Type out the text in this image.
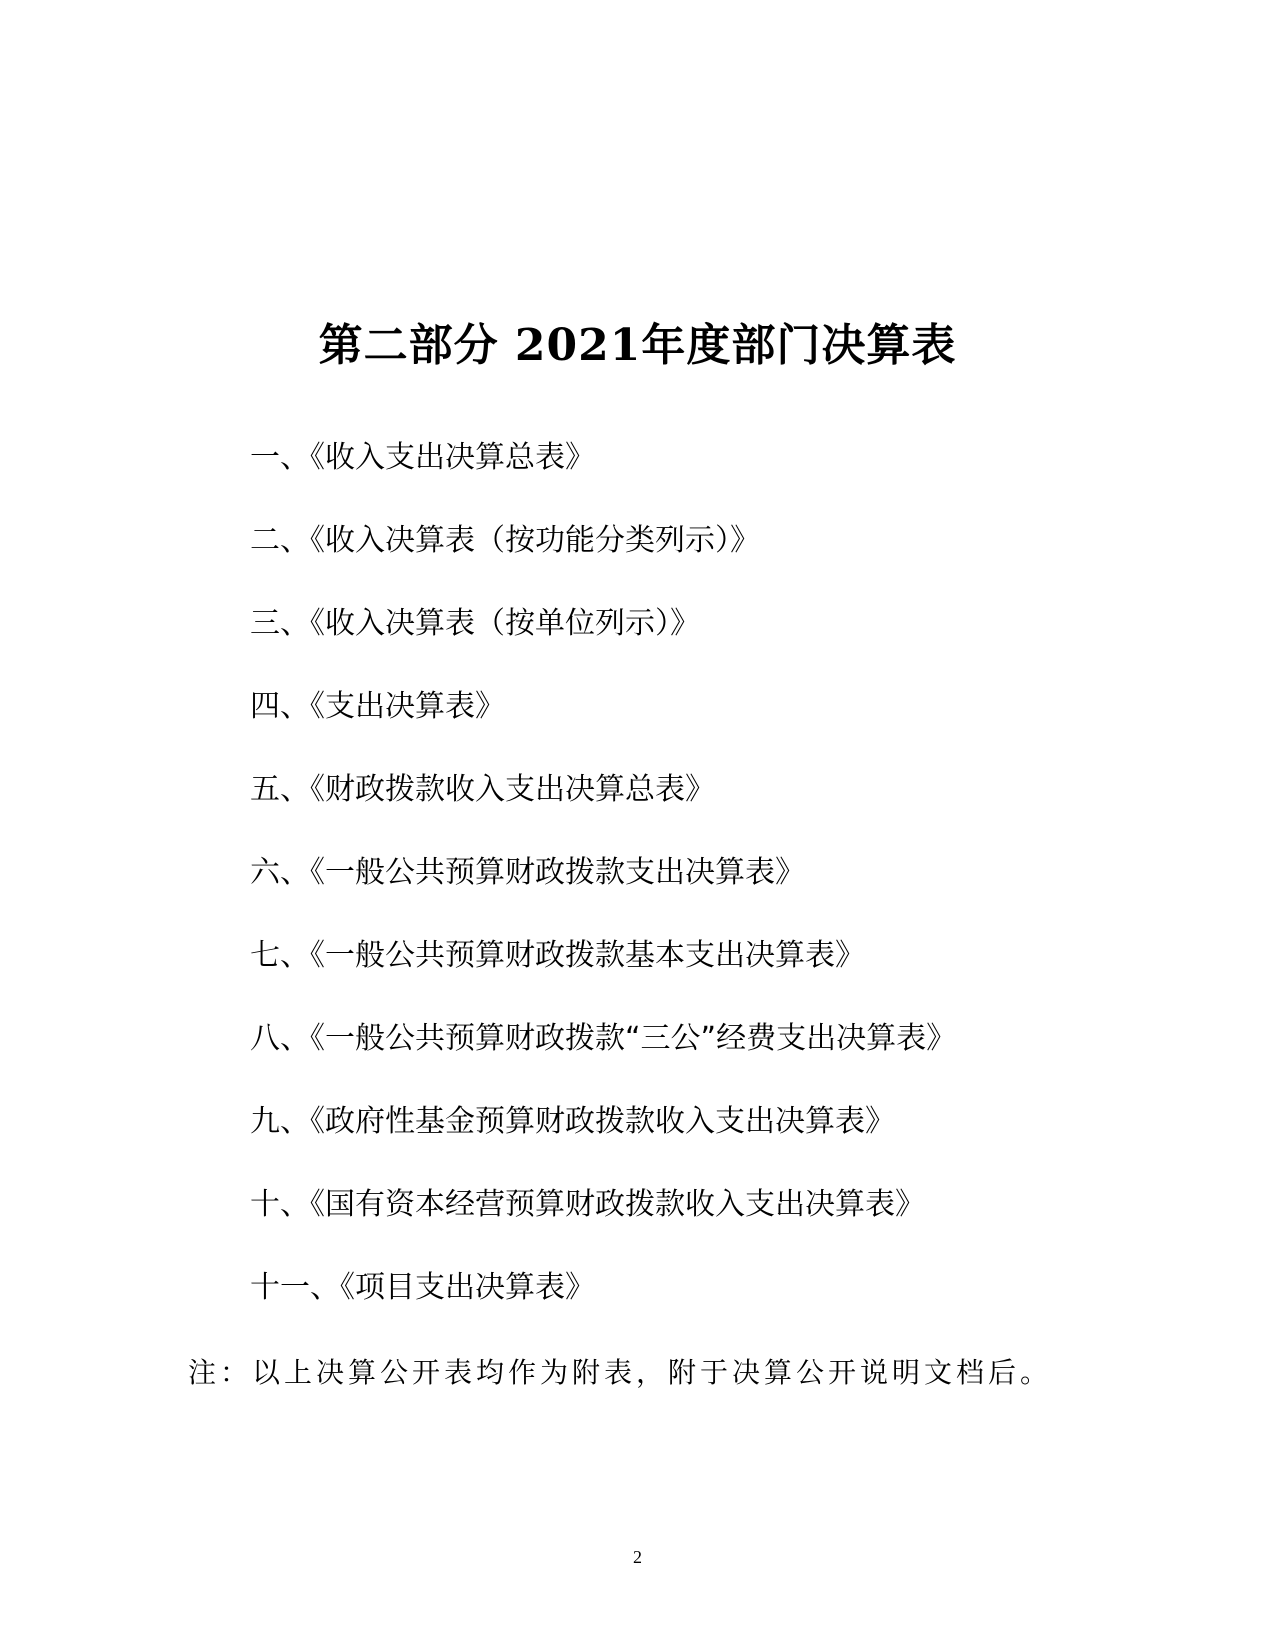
第二部分 2021年度部门决算表
一、《收入支出决算总表》
二、《收入决算表（按功能分类列示）》
三、《收入决算表（按单位列示）》
四、《支出决算表》
五、《财政拨款收入支出决算总表》
六、《一般公共预算财政拨款支出决算表》
七、《一般公共预算财政拨款基本支出决算表》
八、《一般公共预算财政拨款“三公”经费支出决算表》
九、《政府性基金预算财政拨款收入支出决算表》
十、《国有资本经营预算财政拨款收入支出决算表》
十一、《项目支出决算表》
注：以上决算公开表均作为附表，附于决算公开说明文档后。
2
